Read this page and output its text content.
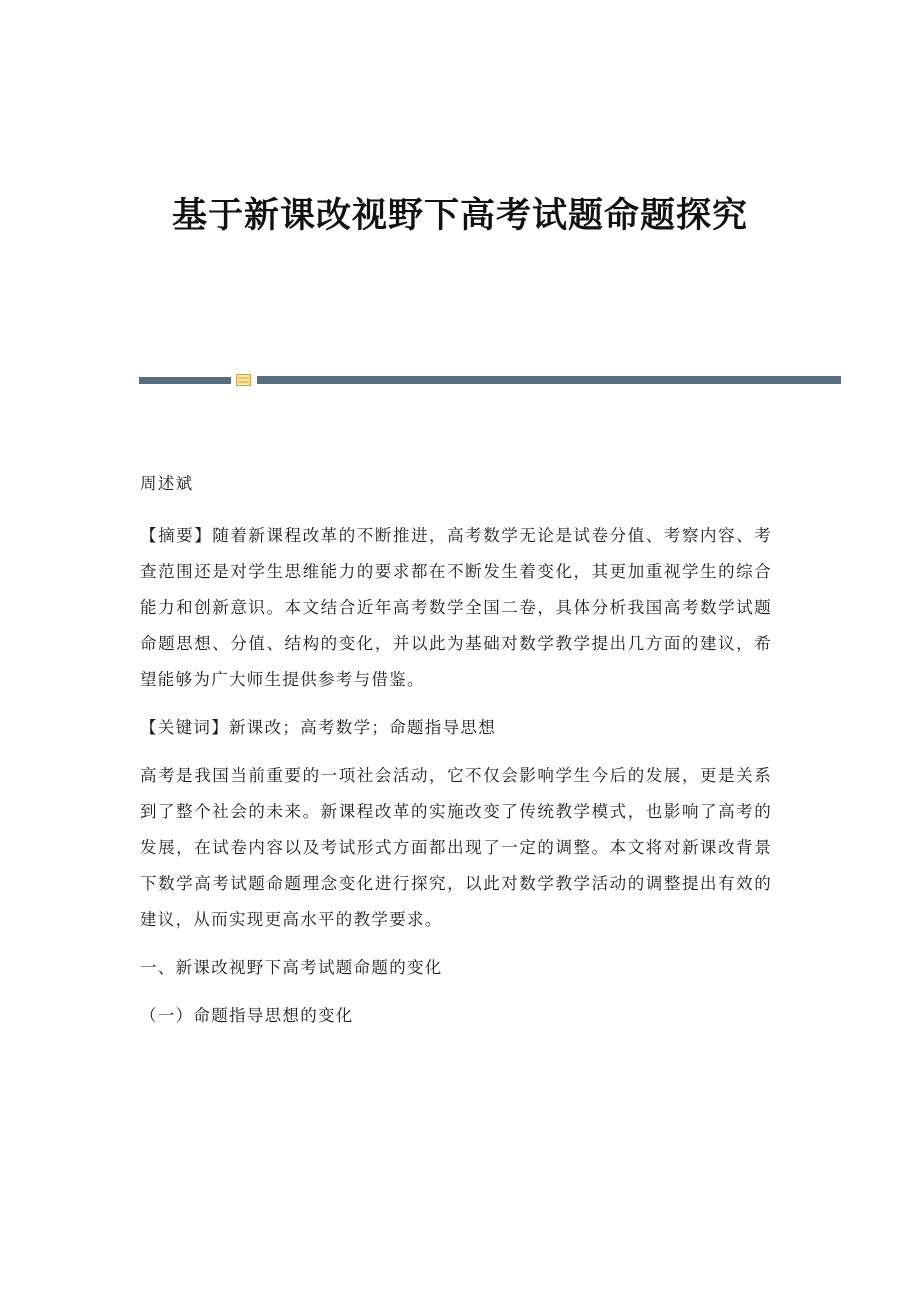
基于新课改视野下高考试题命题探究

周述斌

【摘要】随着新课程改革的不断推进，高考数学无论是试卷分值、考察内容、考查范围还是对学生思维能力的要求都在不断发生着变化，其更加重视学生的综合能力和创新意识。本文结合近年高考数学全国二卷，具体分析我国高考数学试题命题思想、分值、结构的变化，并以此为基础对数学教学提出几方面的建议，希望能够为广大师生提供参考与借鉴。

【关键词】新课改；高考数学；命题指导思想

高考是我国当前重要的一项社会活动，它不仅会影响学生今后的发展，更是关系到了整个社会的未来。新课程改革的实施改变了传统教学模式，也影响了高考的发展，在试卷内容以及考试形式方面都出现了一定的调整。本文将对新课改背景下数学高考试题命题理念变化进行探究，以此对数学教学活动的调整提出有效的建议，从而实现更高水平的教学要求。

一、新课改视野下高考试题命题的变化

（一）命题指导思想的变化
